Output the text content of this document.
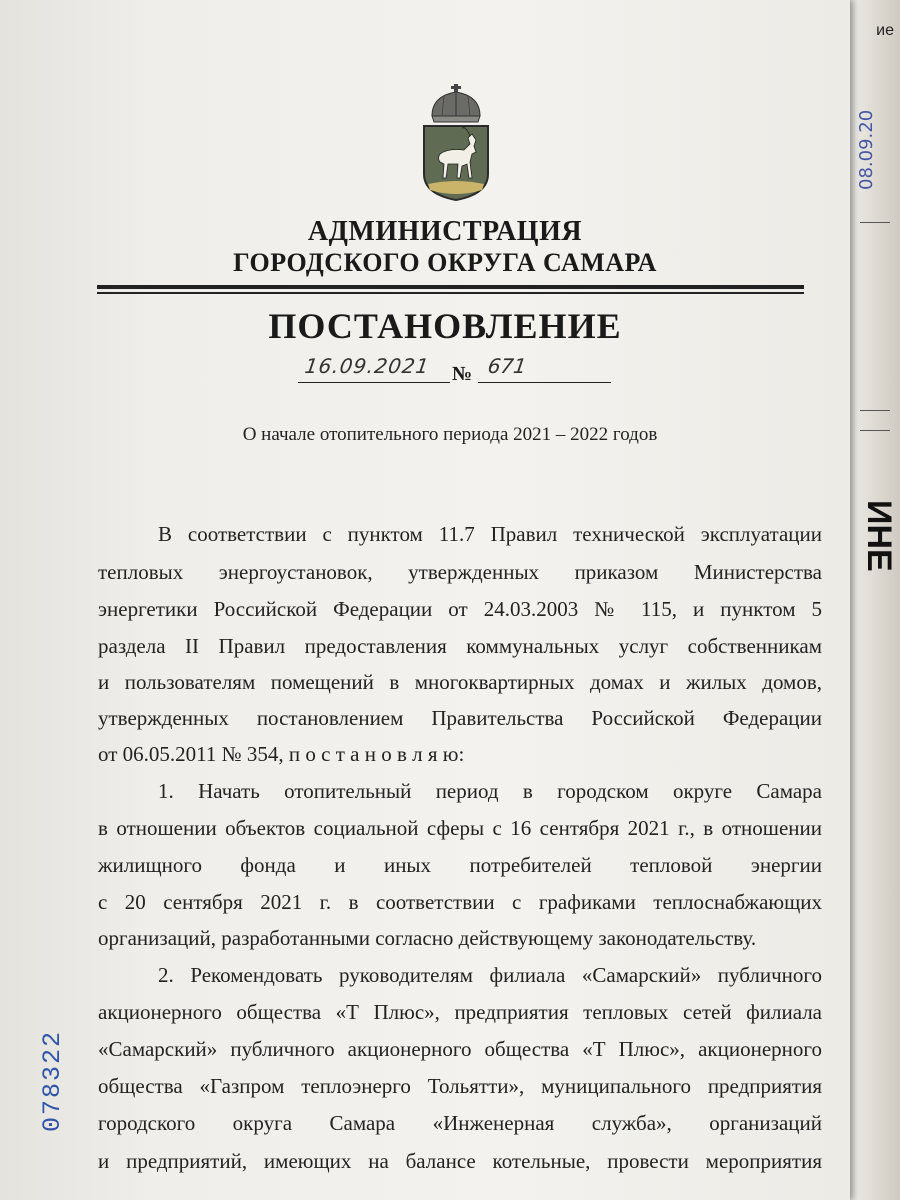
ие
08.09.20
ИНЕ
АДМИНИСТРАЦИЯ
ГОРОДСКОГО ОКРУГА САМАРА
ПОСТАНОВЛЕНИЕ
16.09.2021 № 671
О начале отопительного периода 2021 – 2022 годов
В соответствии с пунктом 11.7 Правил технической эксплуатации
тепловых энергоустановок, утвержденных приказом Министерства
энергетики Российской Федерации от 24.03.2003 № 115, и пунктом 5
раздела II Правил предоставления коммунальных услуг собственникам
и пользователям помещений в многоквартирных домах и жилых домов,
утвержденных постановлением Правительства Российской Федерации
от 06.05.2011 № 354, п о с т а н о в л я ю:
1. Начать отопительный период в городском округе Самара
в отношении объектов социальной сферы с 16 сентября 2021 г., в отношении
жилищного фонда и иных потребителей тепловой энергии
с 20 сентября 2021 г. в соответствии с графиками теплоснабжающих
организаций, разработанными согласно действующему законодательству.
2. Рекомендовать руководителям филиала «Самарский» публичного
акционерного общества «Т Плюс», предприятия тепловых сетей филиала
«Самарский» публичного акционерного общества «Т Плюс», акционерного
общества «Газпром теплоэнерго Тольятти», муниципального предприятия
городского округа Самара «Инженерная служба», организаций
и предприятий, имеющих на балансе котельные, провести мероприятия
078322
